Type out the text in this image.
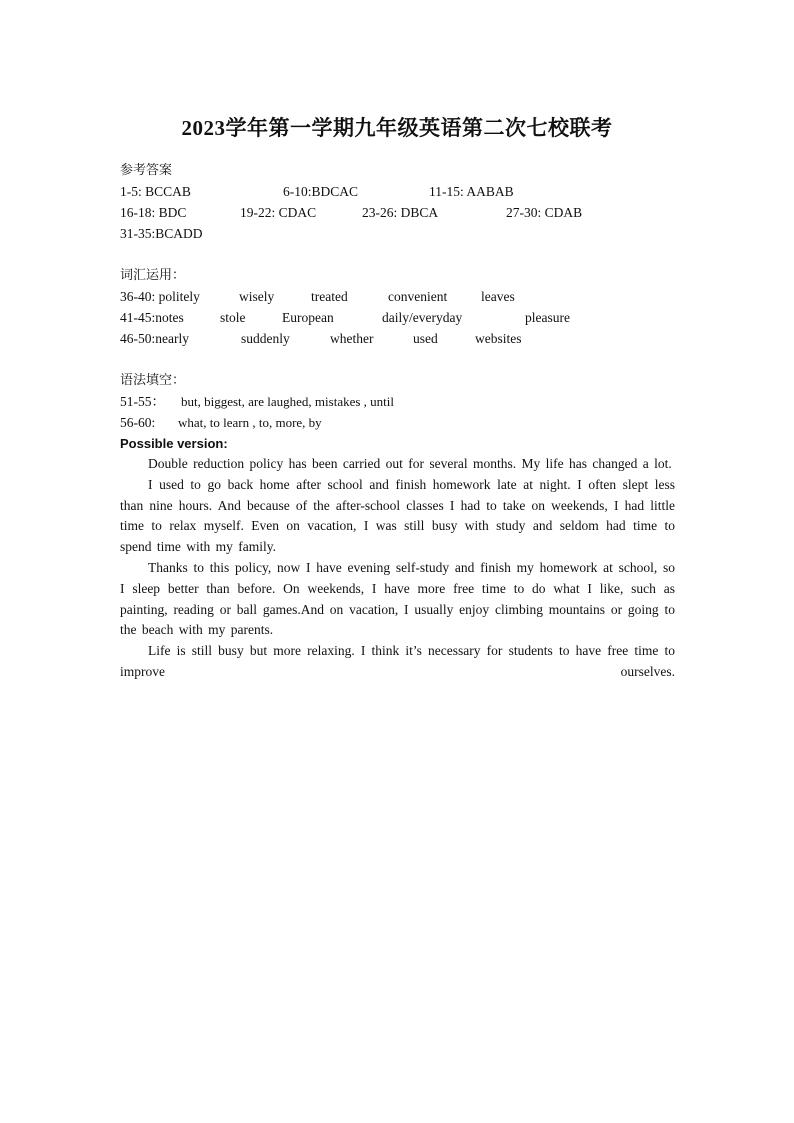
2023学年第一学期九年级英语第二次七校联考
参考答案
1-5: BCCAB	6-10:BDCAC	11-15: AABAB
16-18: BDC	19-22: CDAC	23-26: DBCA	27-30: CDAB
31-35:BCADD
词汇运用：
36-40: politely	wisely	treated	convenient	leaves
41-45:notes	stole	European	daily/everyday	pleasure
46-50:nearly	suddenly	whether	used	websites
语法填空：
51-55： but, biggest, are laughed, mistakes , until
56-60: what, to learn , to, more, by
Possible version:

Double reduction policy has been carried out for several months. My life has changed a lot.

I used to go back home after school and finish homework late at night. I often slept less than nine hours. And because of the after-school classes I had to take on weekends, I had little time to relax myself. Even on vacation, I was still busy with study and seldom had time to spend time with my family.

Thanks to this policy, now I have evening self-study and finish my homework at school, so I sleep better than before. On weekends, I have more free time to do what I like, such as painting, reading or ball games.And on vacation, I usually enjoy climbing mountains or going to the beach with my parents.

Life is still busy but more relaxing. I think it’s necessary for students to have free time to improve ourselves.
